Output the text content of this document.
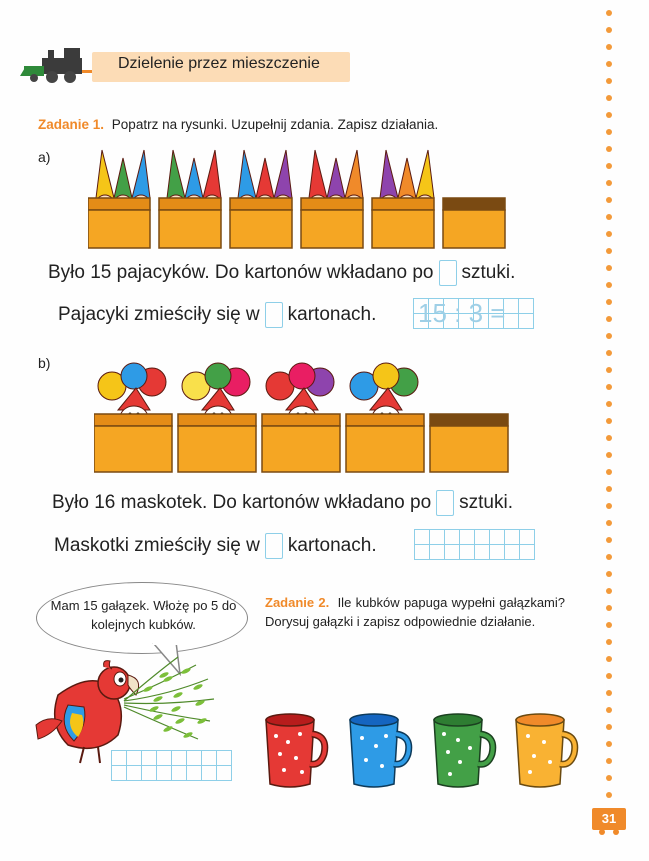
Dzielenie przez mieszczenie
Zadanie 1. Popatrz na rysunki. Uzupełnij zdania. Zapisz działania.
a)
Było 15 pajacyków. Do kartonów wkładano po sztuki.
Pajacyki zmieściły się w kartonach. 15 : 3 =
b)
Było 16 maskotek. Do kartonów wkładano po sztuki.
Maskotki zmieściły się w kartonach.
Mam 15 gałązek. Włożę po 5 do kolejnych kubków.
Zadanie 2. Ile kubków papuga wypełni gałązkami? Dorysuj gałązki i zapisz odpowiednie działanie.
31
